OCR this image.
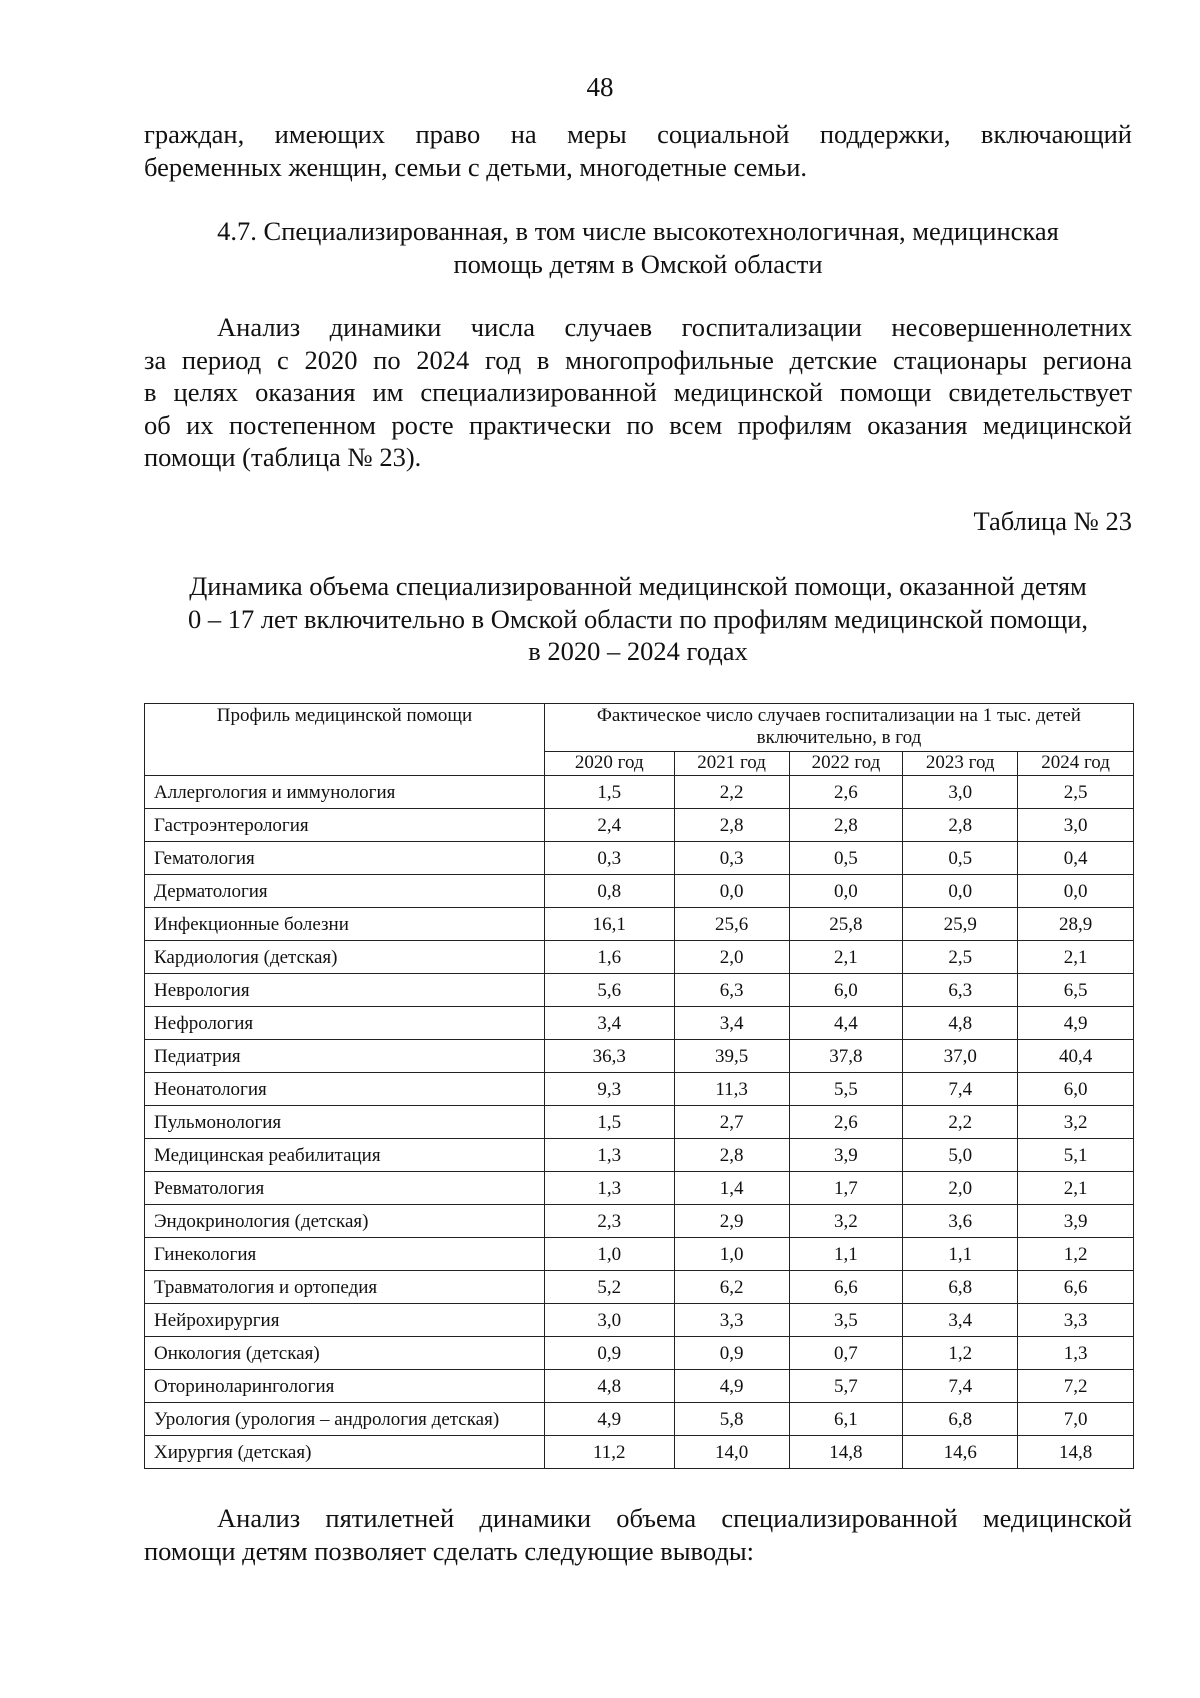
48
граждан, имеющих право на меры социальной поддержки, включающий
беременных женщин, семьи с детьми, многодетные семьи.
4.7. Специализированная, в том числе высокотехнологичная, медицинская
помощь детям в Омской области
Анализ динамики числа случаев госпитализации несовершеннолетних
за период с 2020 по 2024 год в многопрофильные детские стационары региона
в целях оказания им специализированной медицинской помощи свидетельствует
об их постепенном росте практически по всем профилям оказания медицинской
помощи (таблица № 23).
Таблица № 23
Динамика объема специализированной медицинской помощи, оказанной детям
0 – 17 лет включительно в Омской области по профилям медицинской помощи,
в 2020 – 2024 годах
Профиль медицинской помощи	Фактическое число случаев госпитализации на 1 тыс. детей
включительно, в год				

	2020 год	2021 год	2022 год	2023 год	2024 год
Аллергология и иммунология	1,5	2,2	2,6	3,0	2,5
Гастроэнтерология	2,4	2,8	2,8	2,8	3,0
Гематология	0,3	0,3	0,5	0,5	0,4
Дерматология	0,8	0,0	0,0	0,0	0,0
Инфекционные болезни	16,1	25,6	25,8	25,9	28,9
Кардиология (детская)	1,6	2,0	2,1	2,5	2,1
Неврология	5,6	6,3	6,0	6,3	6,5
Нефрология	3,4	3,4	4,4	4,8	4,9
Педиатрия	36,3	39,5	37,8	37,0	40,4
Неонатология	9,3	11,3	5,5	7,4	6,0
Пульмонология	1,5	2,7	2,6	2,2	3,2
Медицинская реабилитация	1,3	2,8	3,9	5,0	5,1
Ревматология	1,3	1,4	1,7	2,0	2,1
Эндокринология (детская)	2,3	2,9	3,2	3,6	3,9
Гинекология	1,0	1,0	1,1	1,1	1,2
Травматология и ортопедия	5,2	6,2	6,6	6,8	6,6
Нейрохирургия	3,0	3,3	3,5	3,4	3,3
Онкология (детская)	0,9	0,9	0,7	1,2	1,3
Оториноларингология	4,8	4,9	5,7	7,4	7,2
Урология (урология – андрология детская)	4,9	5,8	6,1	6,8	7,0
Хирургия (детская)	11,2	14,0	14,8	14,6	14,8
Анализ пятилетней динамики объема специализированной медицинской
помощи детям позволяет сделать следующие выводы:
